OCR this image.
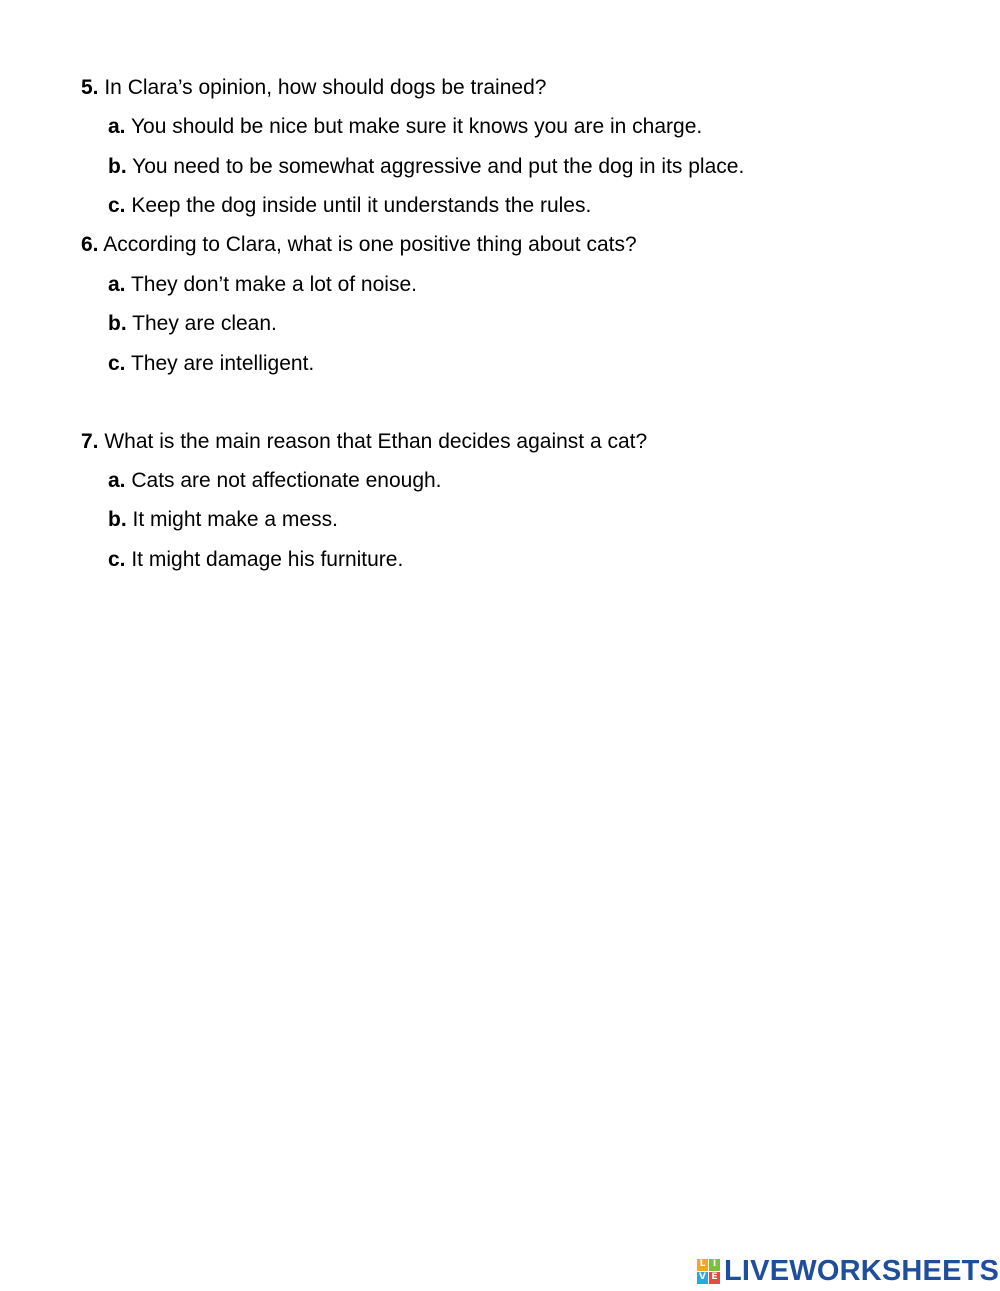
5. In Clara’s opinion, how should dogs be trained?
a. You should be nice but make sure it knows you are in charge.
b. You need to be somewhat aggressive and put the dog in its place.
c. Keep the dog inside until it understands the rules.
6. According to Clara, what is one positive thing about cats?
a. They don’t make a lot of noise.
b. They are clean.
c. They are intelligent.
7. What is the main reason that Ethan decides against a cat?
a. Cats are not affectionate enough.
b. It might make a mess.
c. It might damage his furniture.
L I
V E LIVEWORKSHEETS
